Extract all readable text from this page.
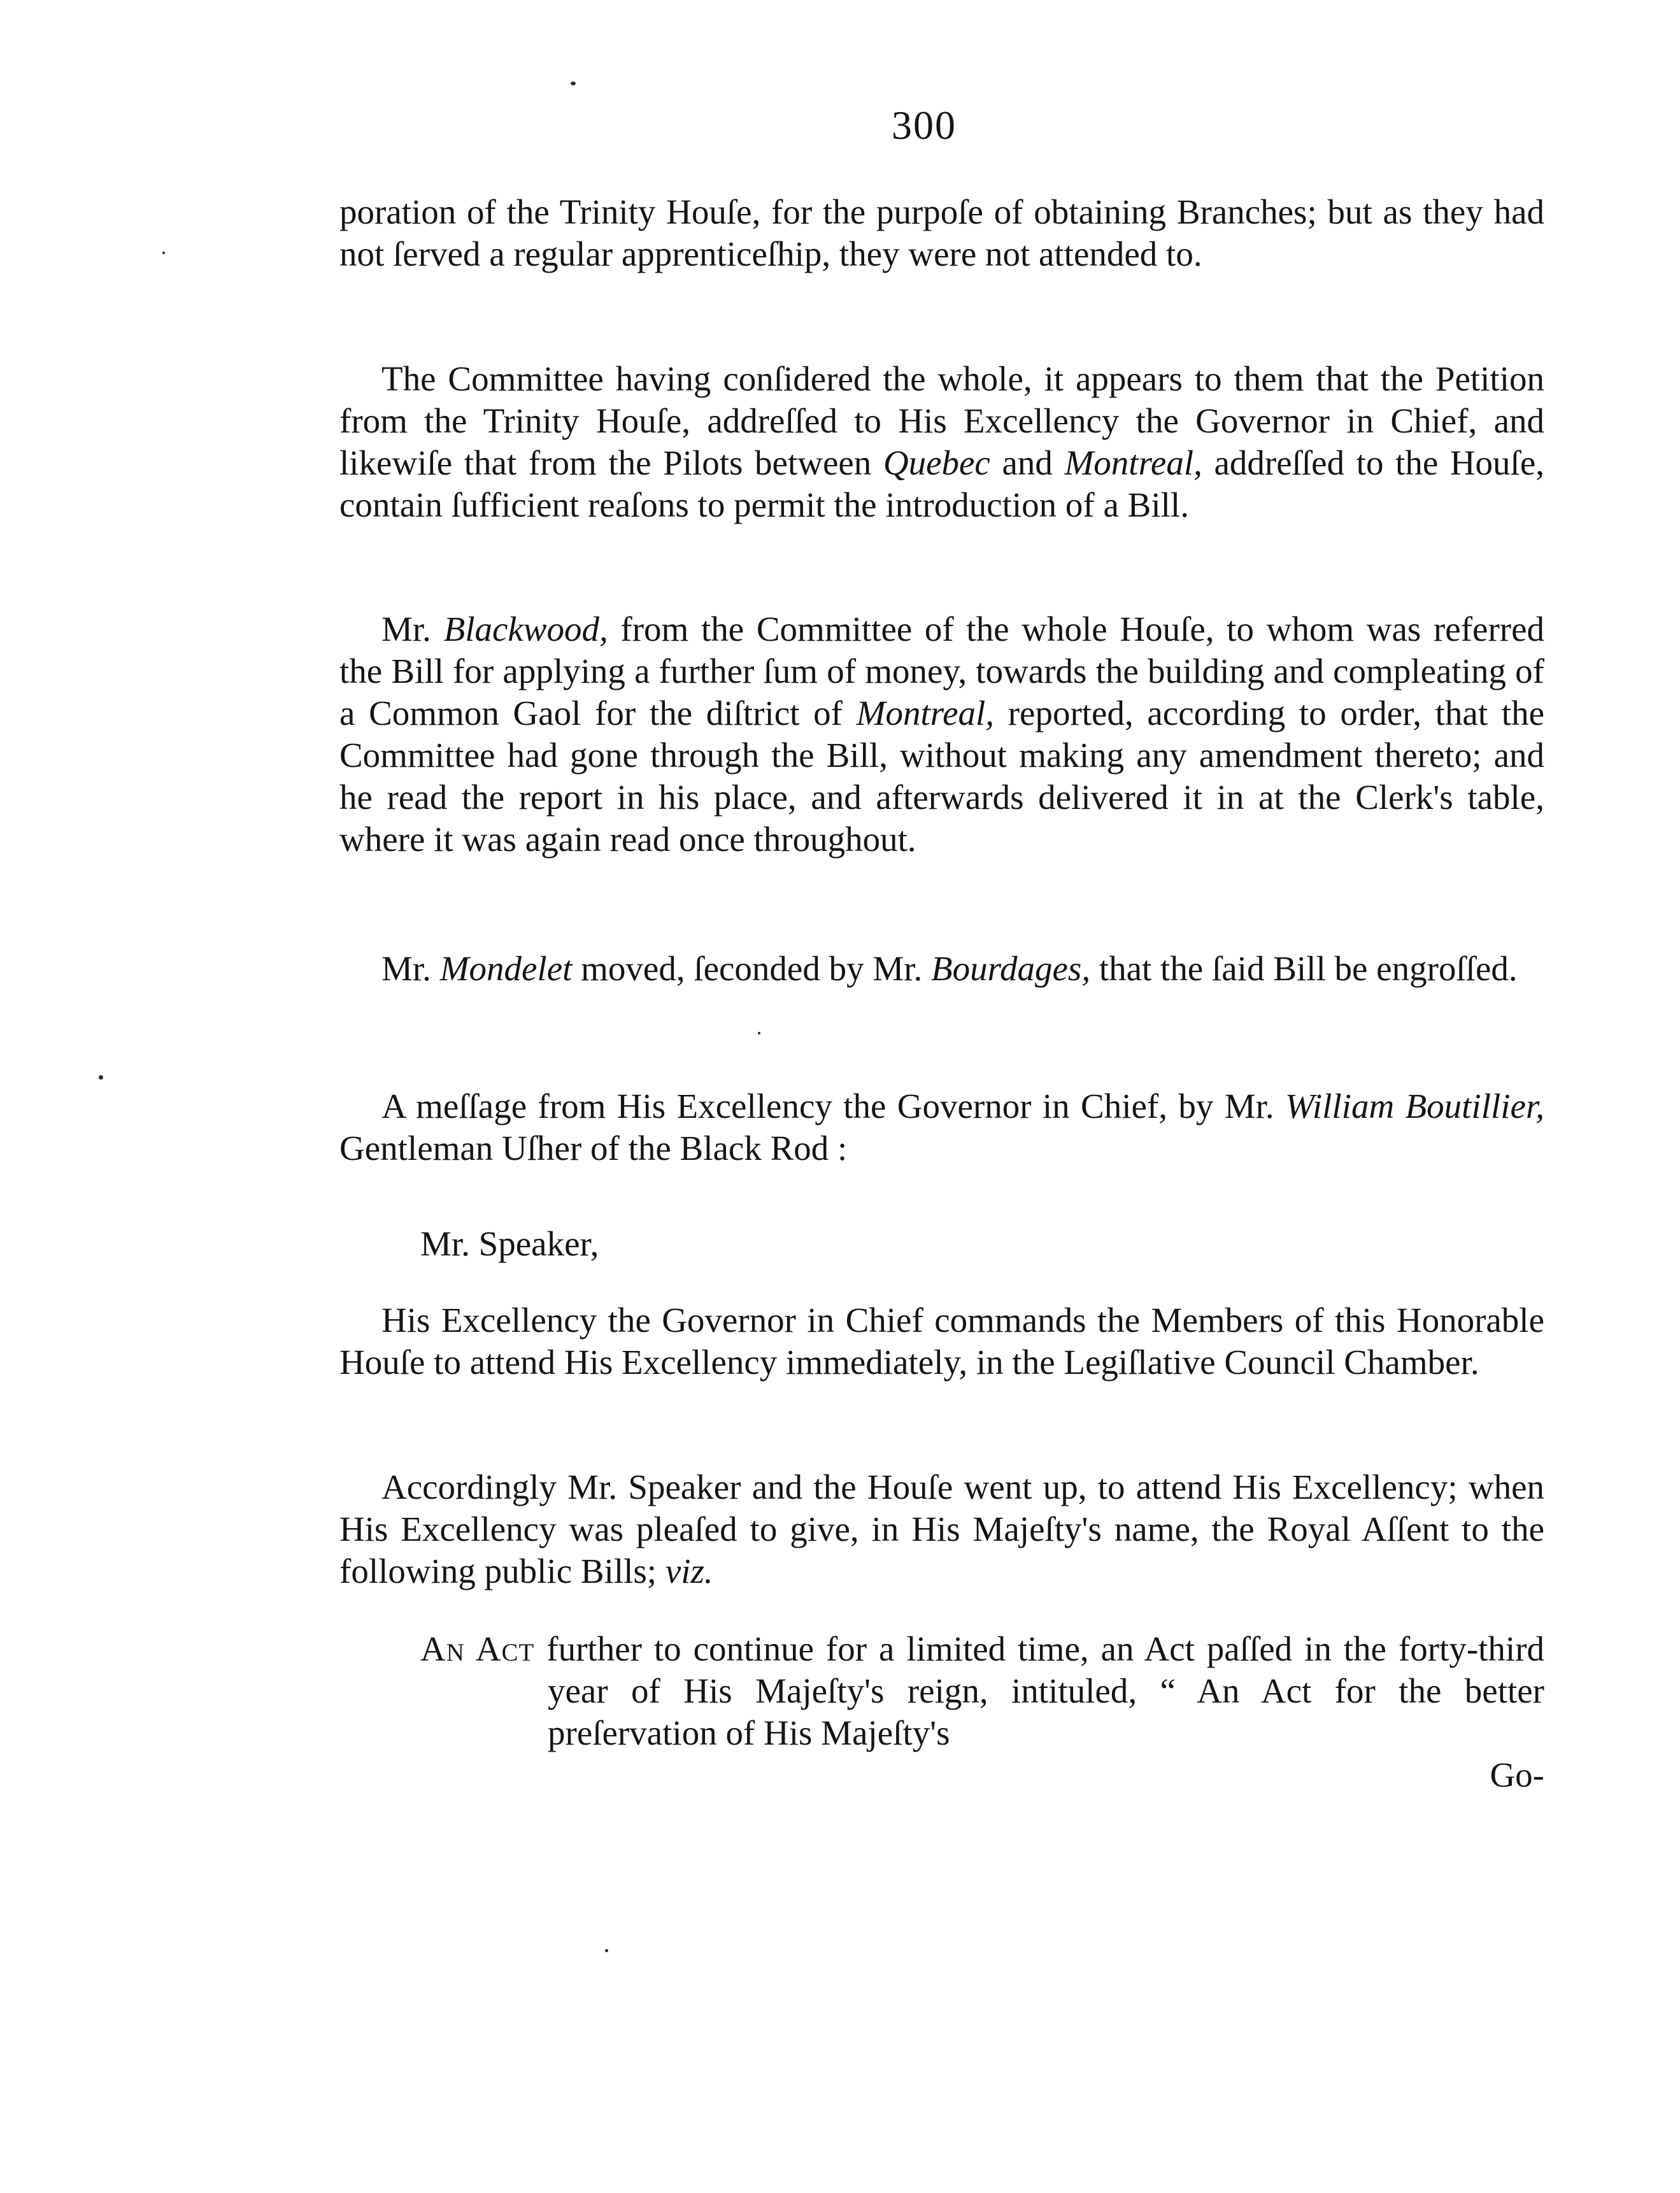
300

poration of the Trinity Houſe, for the purpoſe of obtaining Branches; but as they had not ſerved a regular apprenticeſhip, they were not attended to.

The Committee having conſidered the whole, it appears to them that the Petition from the Trinity Houſe, addreſſed to His Excellency the Governor in Chief, and likewiſe that from the Pilots between Quebec and Montreal, addreſſed to the Houſe, contain ſufficient reaſons to permit the introduction of a Bill.

Mr. Blackwood, from the Committee of the whole Houſe, to whom was referred the Bill for applying a further ſum of money, towards the building and compleating of a Common Gaol for the diſtrict of Montreal, reported, according to order, that the Committee had gone through the Bill, without making any amendment thereto; and he read the report in his place, and afterwards delivered it in at the Clerk's table, where it was again read once throughout.

Mr. Mondelet moved, ſeconded by Mr. Bourdages, that the ſaid Bill be engroſſed.

A meſſage from His Excellency the Governor in Chief, by Mr. William Boutillier, Gentleman Uſher of the Black Rod :

Mr. Speaker,

His Excellency the Governor in Chief commands the Members of this Honorable Houſe to attend His Excellency immediately, in the Legiſlative Council Chamber.

Accordingly Mr. Speaker and the Houſe went up, to attend His Excellency; when His Excellency was pleaſed to give, in His Majeſty's name, the Royal Aſſent to the following public Bills; viz.

An Act further to continue for a limited time, an Act paſſed in the forty-third year of His Majeſty's reign, intituled, “ An Act for the better preſervation of His Majeſty's

Go-
